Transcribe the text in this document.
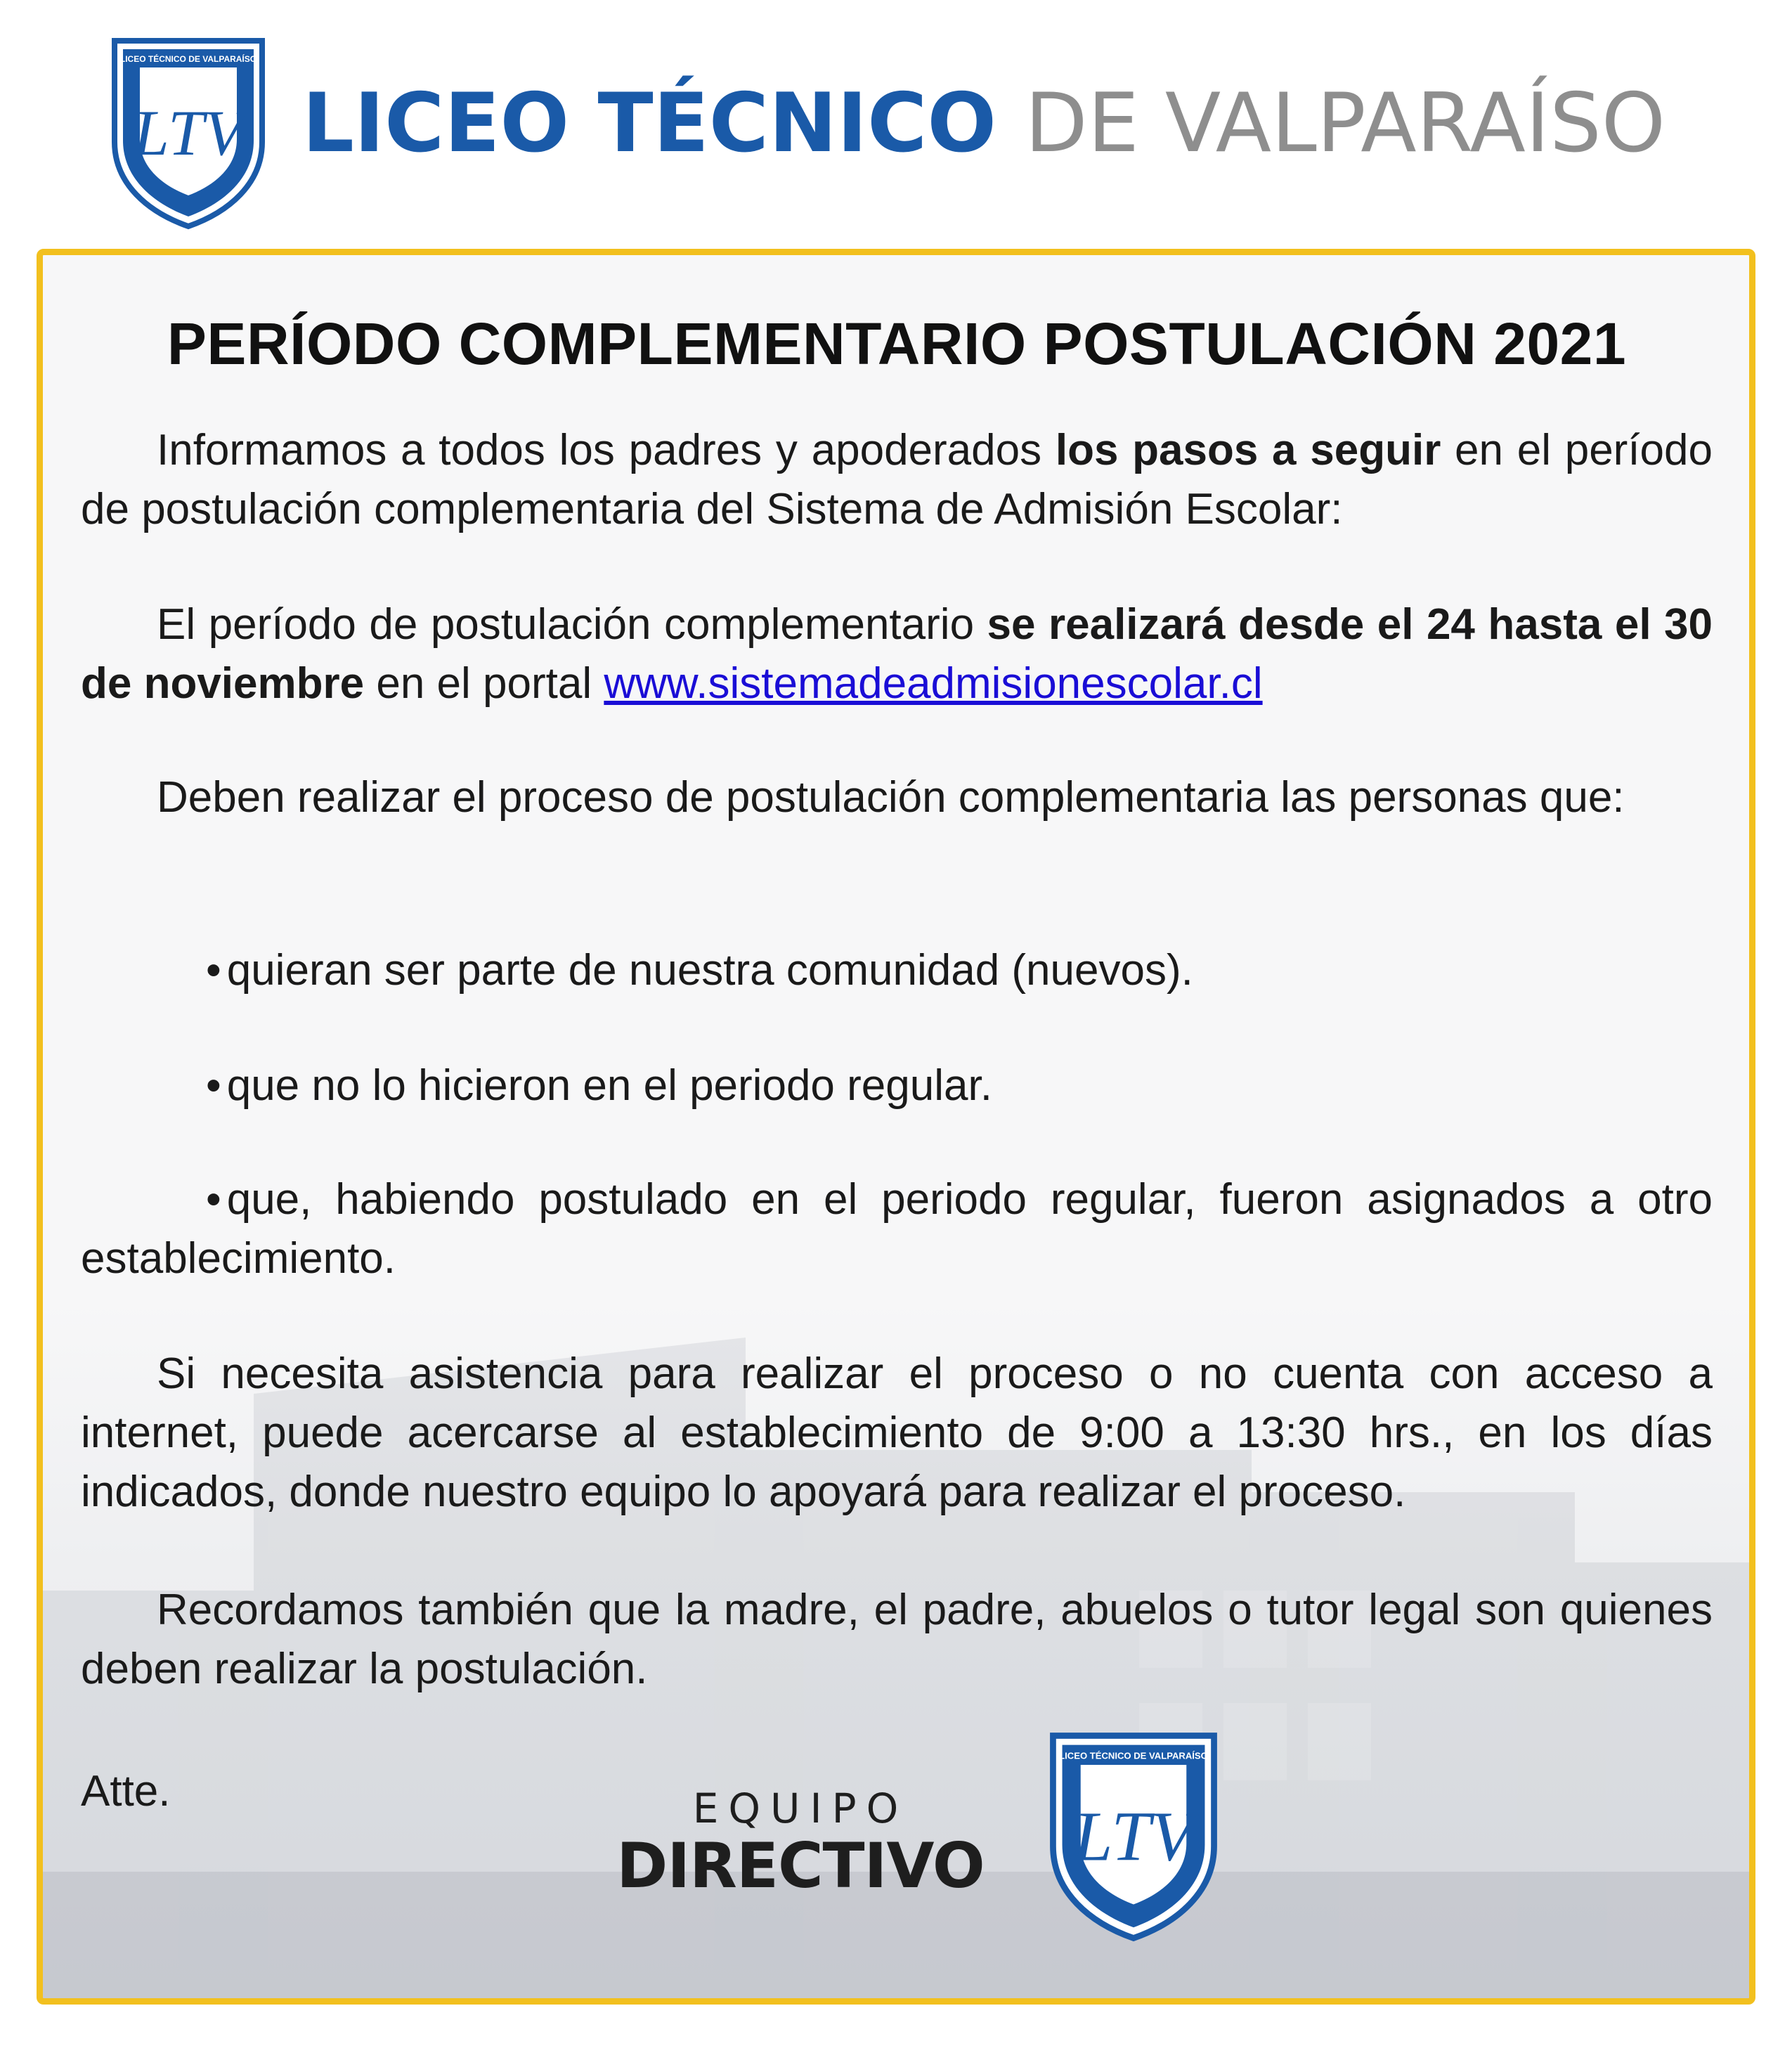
LICEO TÉCNICO DE VALPARAÍSO
LTV LICEO TÉCNICO DE VALPARAÍSO
PERÍODO COMPLEMENTARIO POSTULACIÓN 2021

Informamos a todos los padres y apoderados los pasos a seguir en el período de postulación complementaria del Sistema de Admisión Escolar:

El período de postulación complementario se realizará desde el 24 hasta el 30 de noviembre en el portal www.sistemadeadmisionescolar.cl

Deben realizar el proceso de postulación complementaria las personas que:

• quieran ser parte de nuestra comunidad (nuevos).

• que no lo hicieron en el periodo regular.

• que, habiendo postulado en el periodo regular, fueron asignados a otro establecimiento.

Si necesita asistencia para realizar el proceso o no cuenta con acceso a internet, puede acercarse al establecimiento de 9:00 a 13:30 hrs., en los días indicados, donde nuestro equipo lo apoyará para realizar el proceso.

Recordamos también que la madre, el padre, abuelos o tutor legal son quienes deben realizar la postulación.

Atte.	EQUIPO
DIRECTIVO
LICEO TÉCNICO DE VALPARAÍSO
LTV
